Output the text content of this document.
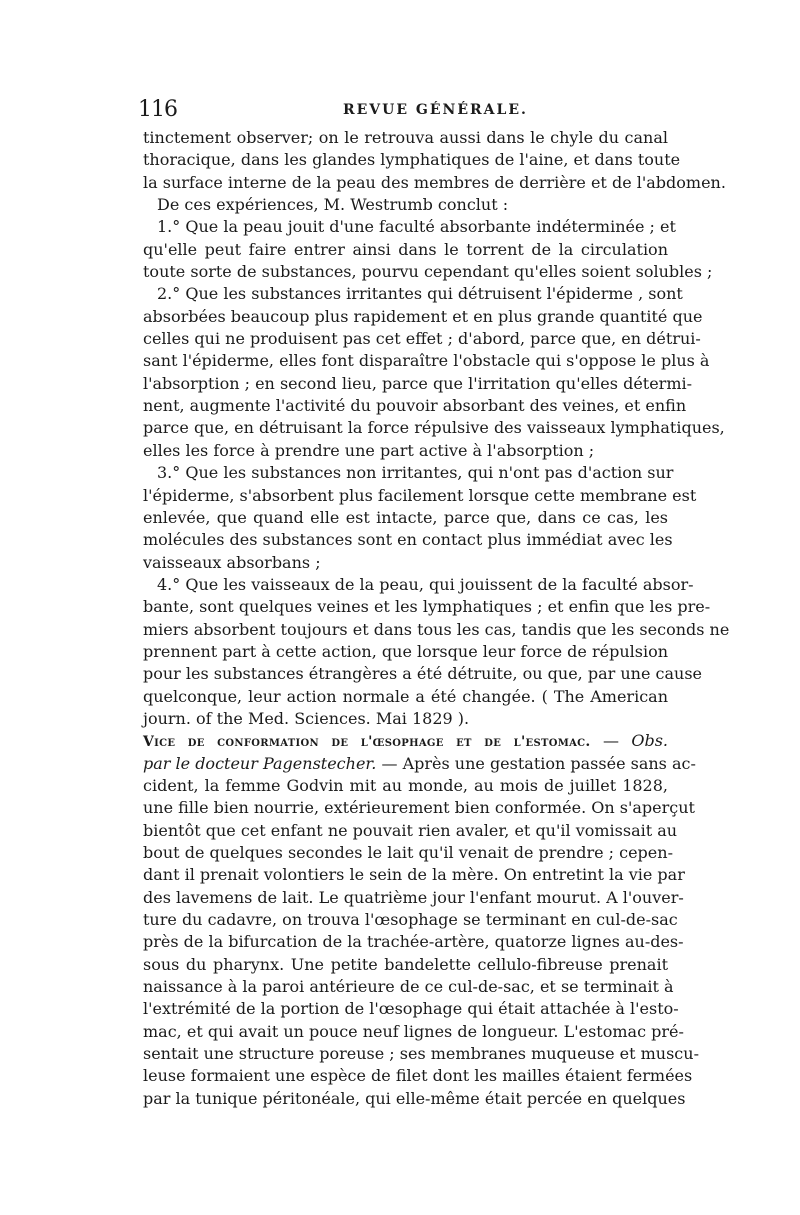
116	REVUE GÉNÉRALE.
tinctement observer; on le retrouva aussi dans le chyle du canal
thoracique, dans les glandes lymphatiques de l'aine, et dans toute
la surface interne de la peau des membres de derrière et de l'abdomen.
De ces expériences, M. Westrumb conclut :
1.° Que la peau jouit d'une faculté absorbante indéterminée ; et
qu'elle peut faire entrer ainsi dans le torrent de la circulation
toute sorte de substances, pourvu cependant qu'elles soient solubles ;
2.° Que les substances irritantes qui détruisent l'épiderme , sont
absorbées beaucoup plus rapidement et en plus grande quantité que
celles qui ne produisent pas cet effet ; d'abord, parce que, en détrui-
sant l'épiderme, elles font disparaître l'obstacle qui s'oppose le plus à
l'absorption ; en second lieu, parce que l'irritation qu'elles détermi-
nent, augmente l'activité du pouvoir absorbant des veines, et enfin
parce que, en détruisant la force répulsive des vaisseaux lymphatiques,
elles les force à prendre une part active à l'absorption ;
3.° Que les substances non irritantes, qui n'ont pas d'action sur
l'épiderme, s'absorbent plus facilement lorsque cette membrane est
enlevée, que quand elle est intacte, parce que, dans ce cas, les
molécules des substances sont en contact plus immédiat avec les
vaisseaux absorbans ;
4.° Que les vaisseaux de la peau, qui jouissent de la faculté absor-
bante, sont quelques veines et les lymphatiques ; et enfin que les pre-
miers absorbent toujours et dans tous les cas, tandis que les seconds ne
prennent part à cette action, que lorsque leur force de répulsion
pour les substances étrangères a été détruite, ou que, par une cause
quelconque, leur action normale a été changée. ( The American
journ. of the Med. Sciences. Mai 1829 ).
Vice de conformation de l'œsophage et de l'estomac. — Obs.
par le docteur Pagenstecher. — Après une gestation passée sans ac-
cident, la femme Godvin mit au monde, au mois de juillet 1828,
une fille bien nourrie, extérieurement bien conformée. On s'aperçut
bientôt que cet enfant ne pouvait rien avaler, et qu'il vomissait au
bout de quelques secondes le lait qu'il venait de prendre ; cepen-
dant il prenait volontiers le sein de la mère. On entretint la vie par
des lavemens de lait. Le quatrième jour l'enfant mourut. A l'ouver-
ture du cadavre, on trouva l'œsophage se terminant en cul-de-sac
près de la bifurcation de la trachée-artère, quatorze lignes au-des-
sous du pharynx. Une petite bandelette cellulo-fibreuse prenait
naissance à la paroi antérieure de ce cul-de-sac, et se terminait à
l'extrémité de la portion de l'œsophage qui était attachée à l'esto-
mac, et qui avait un pouce neuf lignes de longueur. L'estomac pré-
sentait une structure poreuse ; ses membranes muqueuse et muscu-
leuse formaient une espèce de filet dont les mailles étaient fermées
par la tunique péritonéale, qui elle-même était percée en quelques
